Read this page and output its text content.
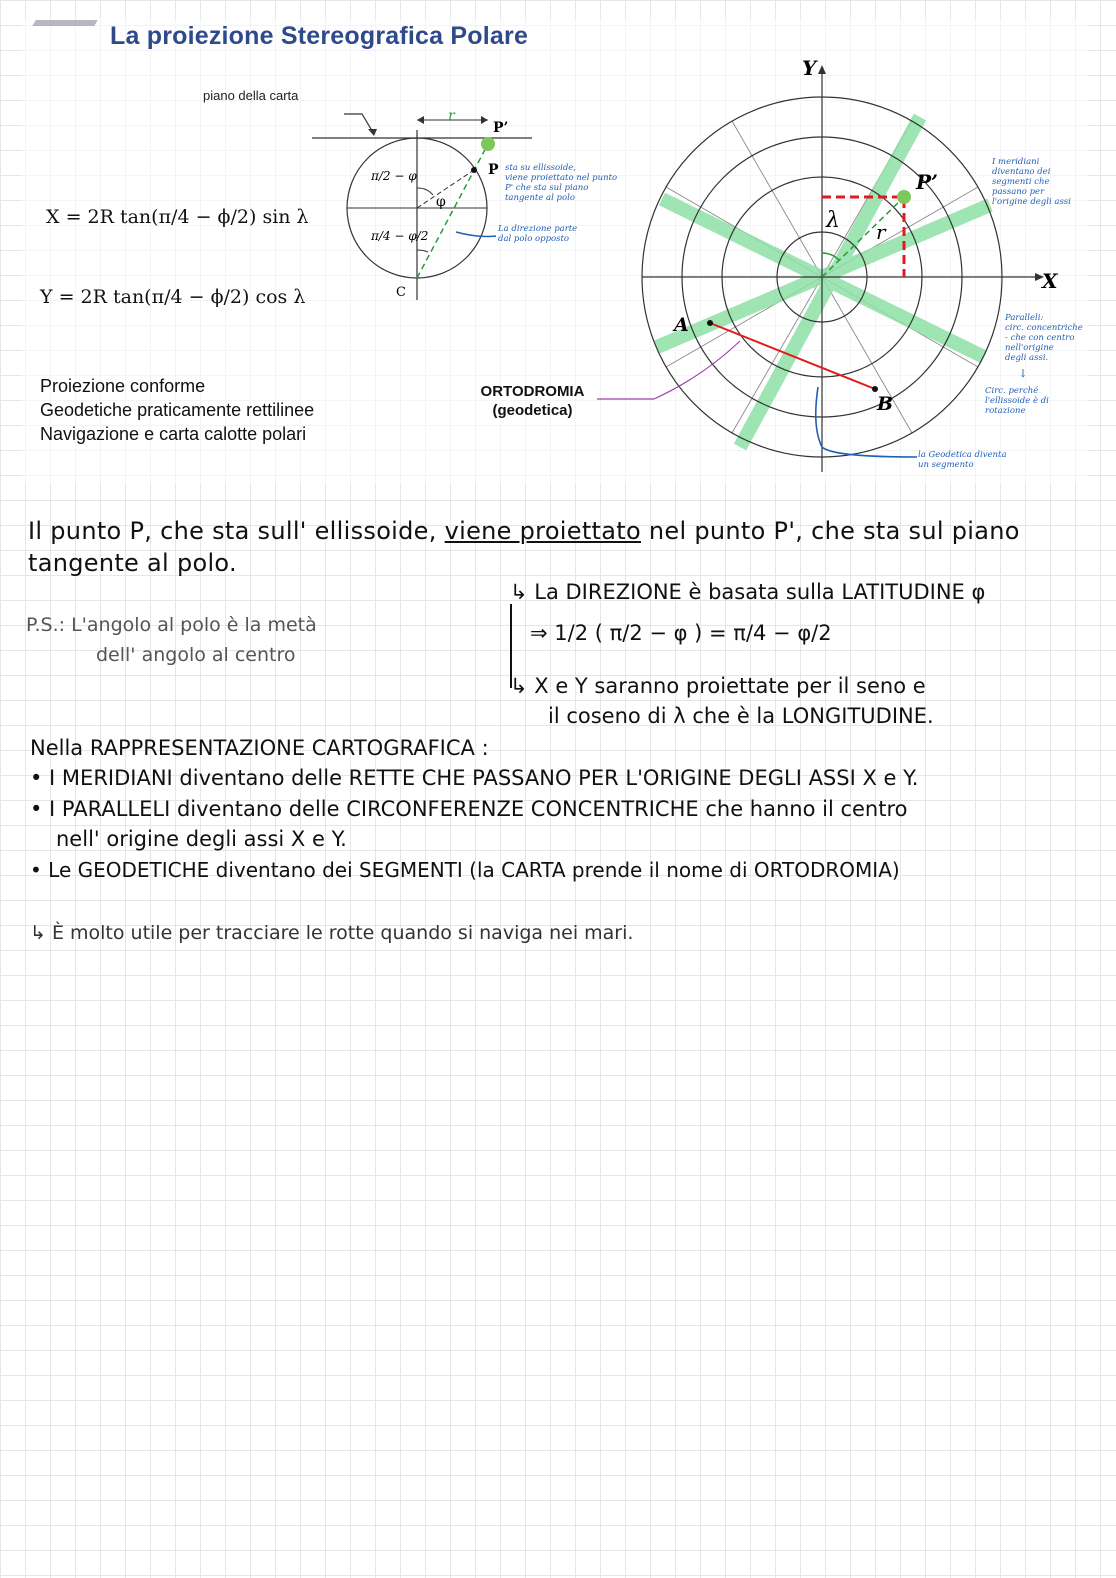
La proiezione Stereografica Polare
piano della carta
r
φ
π/2 − φ
π/4 − φ/2
P’
P
C
sta su ellissoide,
viene proiettato nel punto
P' che sta sul piano
tangente al polo
La direzione parte
dal polo opposto
X = 2R tan(π/4 − ϕ/2) sin λ
Y = 2R tan(π/4 − ϕ/2) cos λ
Proiezione conforme
Geodetiche praticamente rettilinee
Navigazione e carta calotte polari
ORTODROMIA
(geodetica)
X
Y
P’
λ r
A
B
I meridiani
diventano dei
segmenti che
passano per
l'origine degli assi
Paralleli:
circ. concentriche
- che con centro
nell'origine
degli assi.
↓
Circ. perché
l'ellissoide è di
rotazione
la Geodetica diventa
un segmento
Il punto P, che sta sull' ellissoide, viene proiettato nel punto P', che sta sul piano
tangente al polo.
P.S.: L'angolo al polo è la metà
dell' angolo al centro
↳ La DIREZIONE è basata sulla LATITUDINE φ
⇒ 1/2 ( π/2 − φ ) = π/4 − φ/2
↳ X e Y saranno proiettate per il seno e
il coseno di λ che è la LONGITUDINE.
Nella RAPPRESENTAZIONE CARTOGRAFICA :
• I MERIDIANI diventano delle RETTE CHE PASSANO PER L'ORIGINE DEGLI ASSI X e Y.
• I PARALLELI diventano delle CIRCONFERENZE CONCENTRICHE che hanno il centro
nell' origine degli assi X e Y.
• Le GEODETICHE diventano dei SEGMENTI (la CARTA prende il nome di ORTODROMIA)
↳ È molto utile per tracciare le rotte quando si naviga nei mari.
